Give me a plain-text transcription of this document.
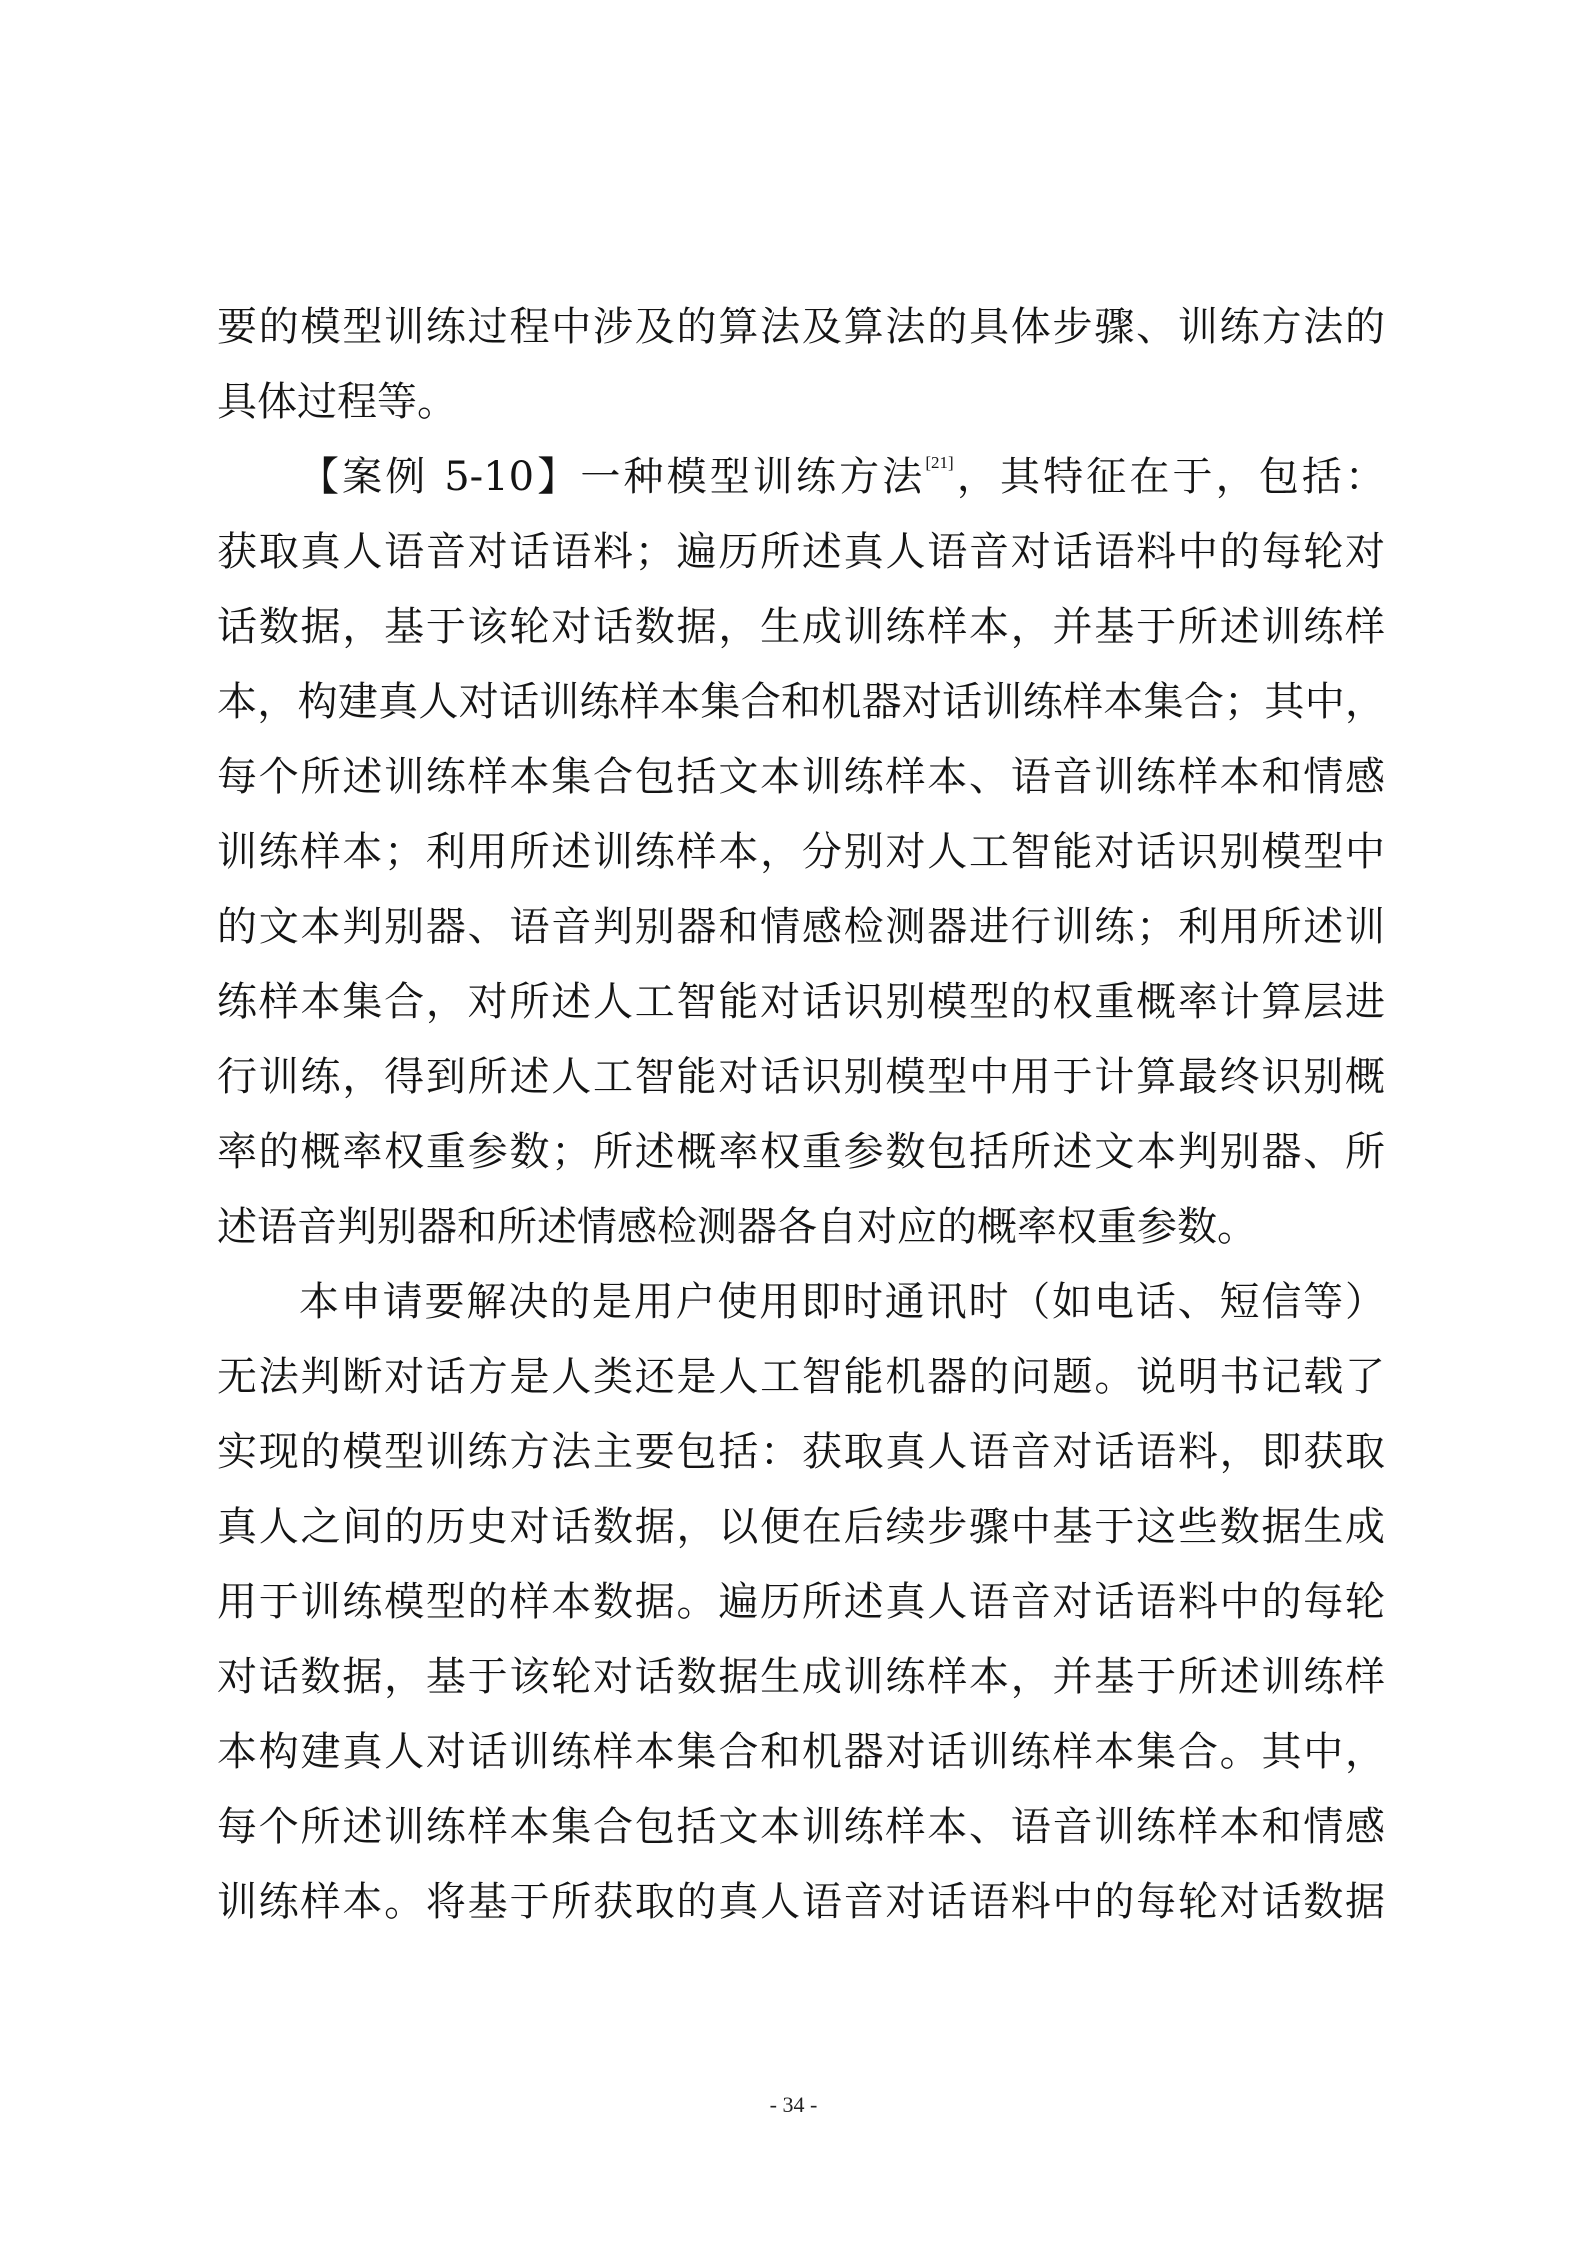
要的模型训练过程中涉及的算法及算法的具体步骤、训练方法的
具体过程等。
【案例 5-10】一种模型训练方法[21]，其特征在于，包括：
获取真人语音对话语料；遍历所述真人语音对话语料中的每轮对
话数据，基于该轮对话数据，生成训练样本，并基于所述训练样
本，构建真人对话训练样本集合和机器对话训练样本集合；其中，
每个所述训练样本集合包括文本训练样本、语音训练样本和情感
训练样本；利用所述训练样本，分别对人工智能对话识别模型中
的文本判别器、语音判别器和情感检测器进行训练；利用所述训
练样本集合，对所述人工智能对话识别模型的权重概率计算层进
行训练，得到所述人工智能对话识别模型中用于计算最终识别概
率的概率权重参数；所述概率权重参数包括所述文本判别器、所
述语音判别器和所述情感检测器各自对应的概率权重参数。
本申请要解决的是用户使用即时通讯时（如电话、短信等）
无法判断对话方是人类还是人工智能机器的问题。说明书记载了
实现的模型训练方法主要包括：获取真人语音对话语料，即获取
真人之间的历史对话数据，以便在后续步骤中基于这些数据生成
用于训练模型的样本数据。遍历所述真人语音对话语料中的每轮
对话数据，基于该轮对话数据生成训练样本，并基于所述训练样
本构建真人对话训练样本集合和机器对话训练样本集合。其中，
每个所述训练样本集合包括文本训练样本、语音训练样本和情感
训练样本。将基于所获取的真人语音对话语料中的每轮对话数据
- 34 -
